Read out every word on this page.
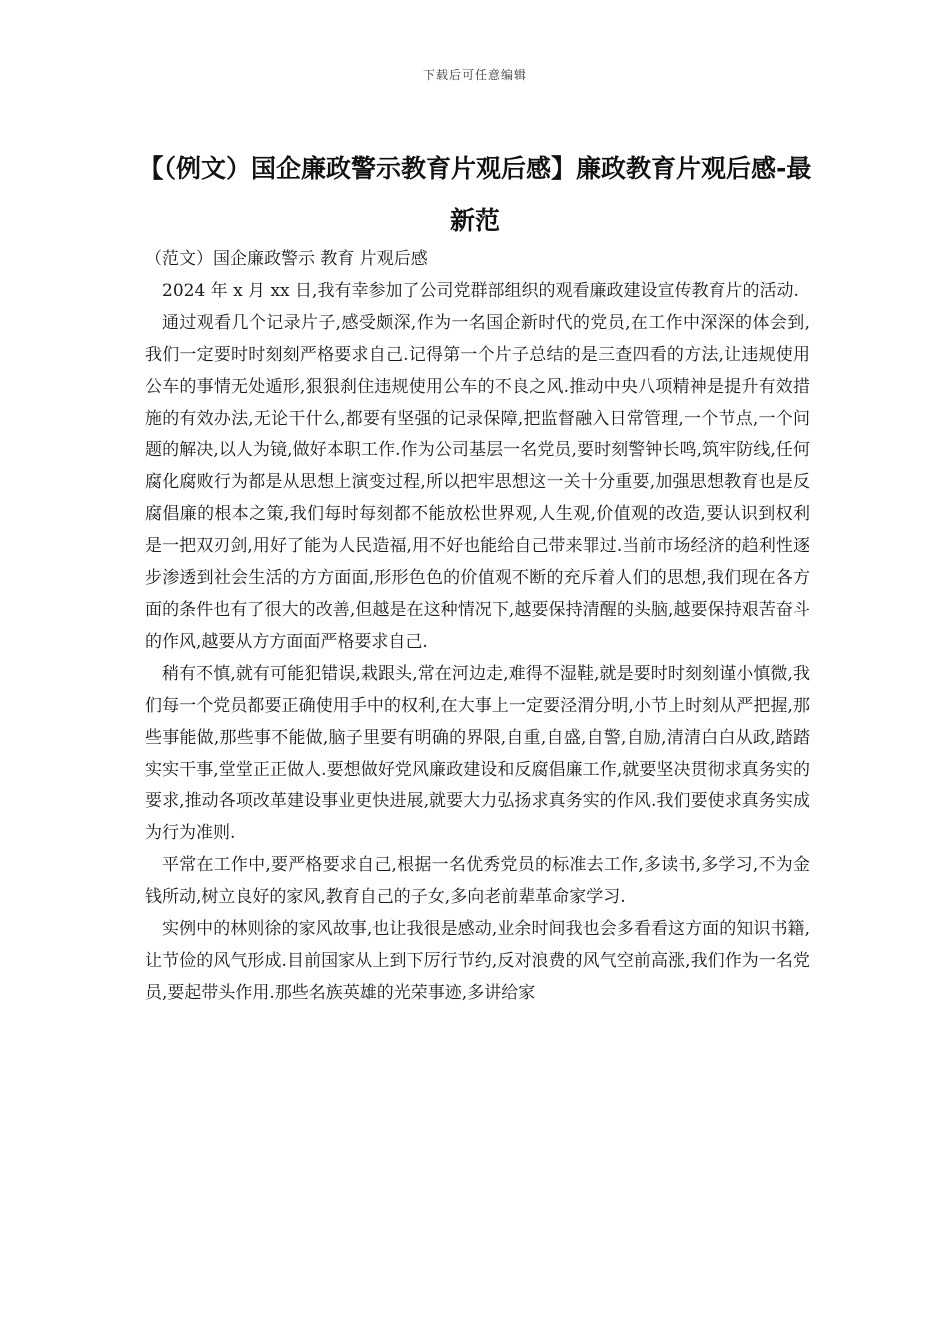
下载后可任意编辑
【（例文）国企廉政警示教育片观后感】廉政教育片观后感-最新范

（范文）国企廉政警示 教育 片观后感

2024 年 x 月 xx 日,我有幸参加了公司党群部组织的观看廉政建设宣传教育片的活动.

通过观看几个记录片子,感受颇深,作为一名国企新时代的党员,在工作中深深的体会到,我们一定要时时刻刻严格要求自己.记得第一个片子总结的是三查四看的方法,让违规使用公车的事情无处遁形,狠狠刹住违规使用公车的不良之风.推动中央八项精神是提升有效措施的有效办法,无论干什么,都要有坚强的记录保障,把监督融入日常管理,一个节点,一个问题的解决,以人为镜,做好本职工作.作为公司基层一名党员,要时刻警钟长鸣,筑牢防线,任何腐化腐败行为都是从思想上演变过程,所以把牢思想这一关十分重要,加强思想教育也是反腐倡廉的根本之策,我们每时每刻都不能放松世界观,人生观,价值观的改造,要认识到权利是一把双刃剑,用好了能为人民造福,用不好也能给自己带来罪过.当前市场经济的趋利性逐步渗透到社会生活的方方面面,形形色色的价值观不断的充斥着人们的思想,我们现在各方面的条件也有了很大的改善,但越是在这种情况下,越要保持清醒的头脑,越要保持艰苦奋斗的作风,越要从方方面面严格要求自己.

稍有不慎,就有可能犯错误,栽跟头,常在河边走,难得不湿鞋,就是要时时刻刻谨小慎微,我们每一个党员都要正确使用手中的权利,在大事上一定要泾渭分明,小节上时刻从严把握,那些事能做,那些事不能做,脑子里要有明确的界限,自重,自盛,自警,自励,清清白白从政,踏踏实实干事,堂堂正正做人.要想做好党风廉政建设和反腐倡廉工作,就要坚决贯彻求真务实的要求,推动各项改革建设事业更快进展,就要大力弘扬求真务实的作风.我们要使求真务实成为行为准则.

平常在工作中,要严格要求自己,根据一名优秀党员的标准去工作,多读书,多学习,不为金钱所动,树立良好的家风,教育自己的子女,多向老前辈革命家学习.

实例中的林则徐的家风故事,也让我很是感动,业余时间我也会多看看这方面的知识书籍,让节俭的风气形成.目前国家从上到下厉行节约,反对浪费的风气空前高涨,我们作为一名党员,要起带头作用.那些名族英雄的光荣事迹,多讲给家
